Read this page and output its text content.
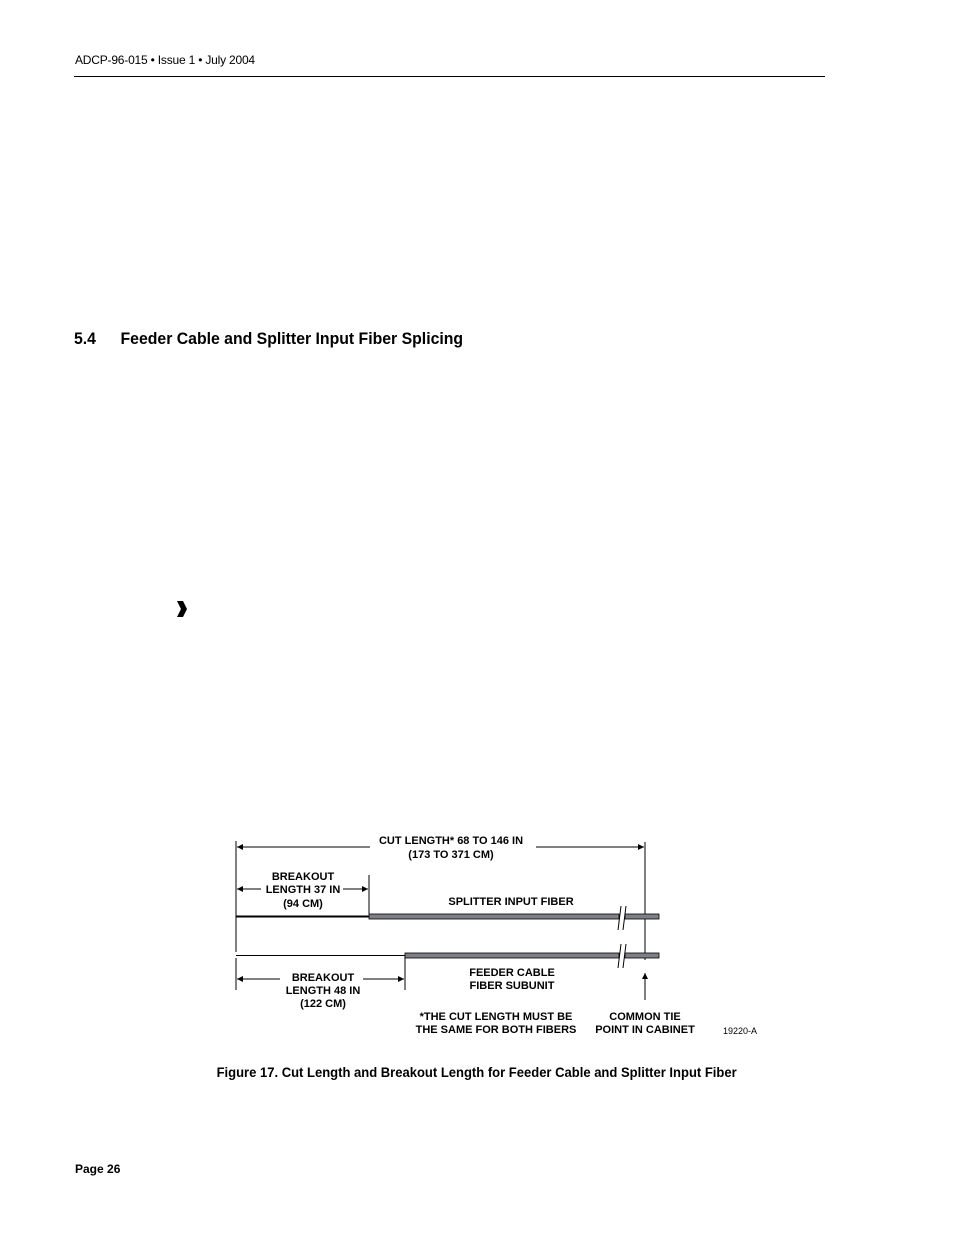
ADCP-96-015 • Issue 1 • July 2004
5.4 Feeder Cable and Splitter Input Fiber Splicing
CUT LENGTH* 68 TO 146 IN
(173 TO 371 CM)
BREAKOUT
LENGTH 37 IN
(94 CM)	SPLITTER INPUT FIBER
FEEDER CABLE
FIBER SUBUNIT
BREAKOUT
LENGTH 48 IN
(122 CM)
COMMON TIE
POINT IN CABINET
*THE CUT LENGTH MUST BE
THE SAME FOR BOTH FIBERS	19220-A
Figure 17. Cut Length and Breakout Length for Feeder Cable and Splitter Input Fiber
Page 26
